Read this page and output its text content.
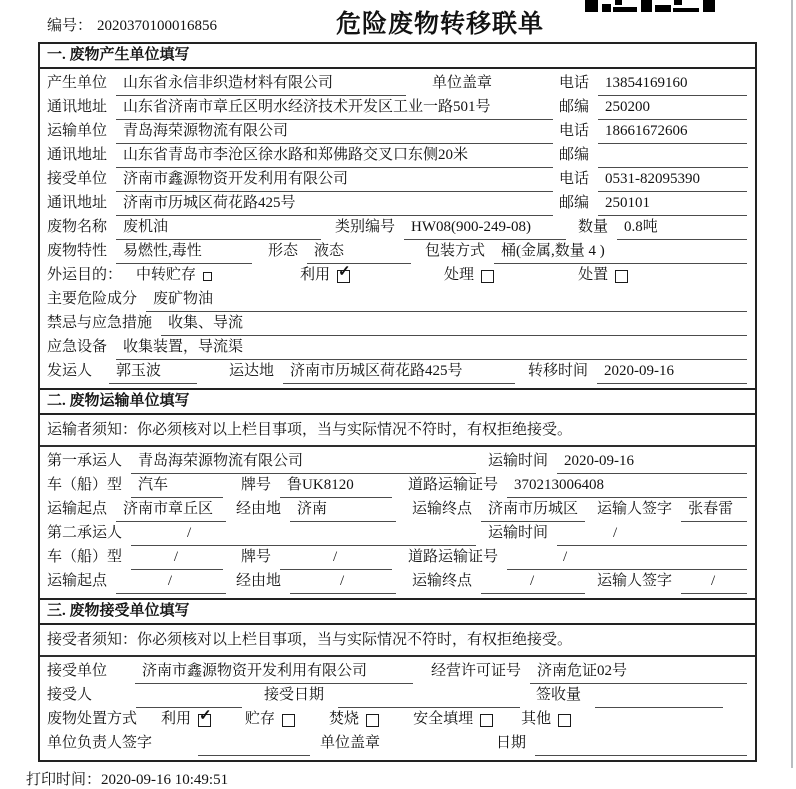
编号： 2020370100016856	危险废物转移联单
一. 废物产生单位填写
产生单位	山东省永信非织造材料有限公司	单位盖章	电话	13854169160
通讯地址	山东省济南市章丘区明水经济技术开发区工业一路501号	邮编	250200
运输单位	青岛海荣源物流有限公司	电话	18661672606
通讯地址	山东省青岛市李沧区徐水路和郑佛路交叉口东侧20米	邮编
接受单位	济南市鑫源物资开发利用有限公司	电话	0531-82095390
通讯地址	济南市历城区荷花路425号	邮编	250101
废物名称	废机油	类别编号	HW08(900-249-08)	数量	0.8吨
废物特性	易燃性,毒性	形态	液态	包装方式	桶(金属,数量 4 )
外运目的： 中转贮存	利用 ✓	处理	处置
主要危险成分	废矿物油
禁忌与应急措施	收集、导流
应急设备	收集装置，导流渠
发运人	郭玉波	运达地	济南市历城区荷花路425号	转移时间	2020-09-16
二. 废物运输单位填写
运输者须知：你必须核对以上栏目事项，当与实际情况不符时，有权拒绝接受。
第一承运人	青岛海荣源物流有限公司	运输时间	2020-09-16
车（船）型	汽车	牌号	鲁UK8120	道路运输证号	370213006408
运输起点	济南市章丘区	经由地	济南	运输终点	济南市历城区	运输人签字	张春雷
第二承运人	/	运输时间	/
车（船）型	/	牌号	/	道路运输证号	/
运输起点	/	经由地	/	运输终点	/	运输人签字	/
三. 废物接受单位填写
接受者须知：你必须核对以上栏目事项，当与实际情况不符时，有权拒绝接受。
接受单位	济南市鑫源物资开发利用有限公司	经营许可证号	济南危证02号
接受人	接受日期	签收量
废物处置方式 利用 ✓ 贮存	焚烧	安全填埋	其他
单位负责人签字	单位盖章	日期
打印时间：2020-09-16 10:49:51
